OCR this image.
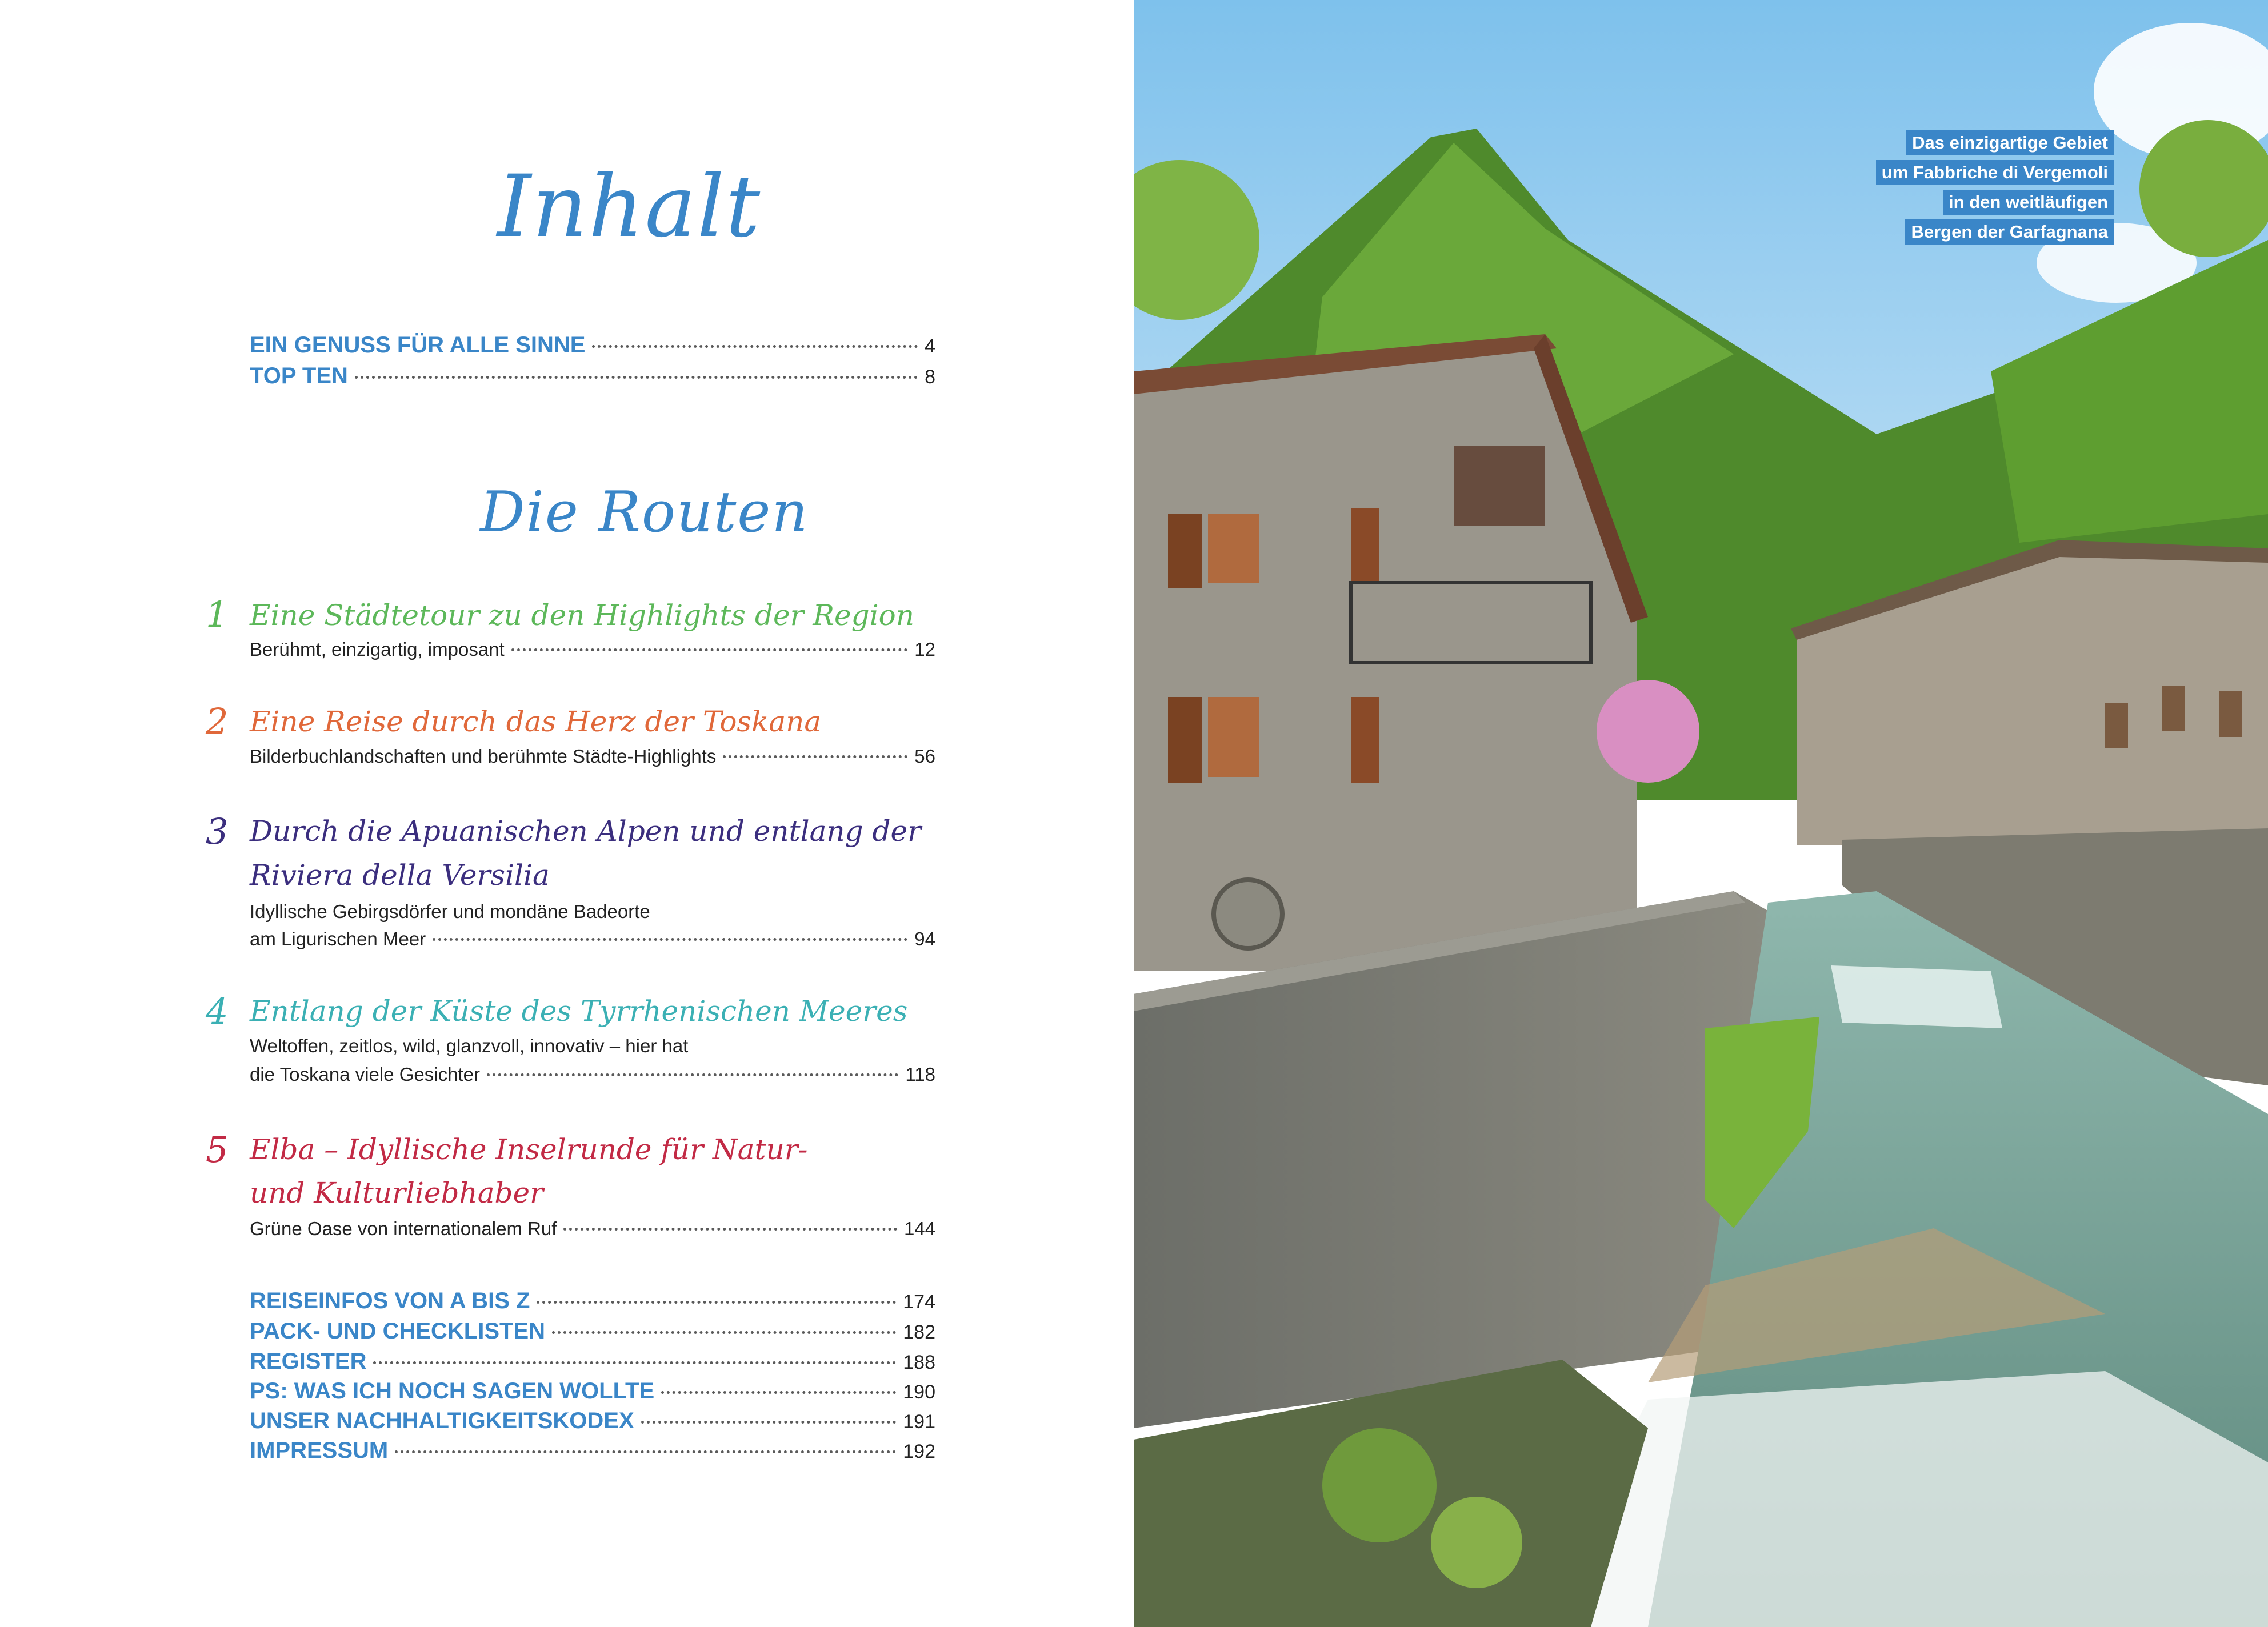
Inhalt
EIN GENUSS FÜR ALLE SINNE	4
TOP TEN	8
Die Routen
1 Eine Städtetour zu den Highlights der Region
Berühmt, einzigartig, imposant	12
2 Eine Reise durch das Herz der Toskana
Bilderbuchlandschaften und berühmte Städte-Highlights	56
3 Durch die Apuanischen Alpen und entlang der
Riviera della Versilia
Idyllische Gebirgsdörfer und mondäne Badeorte
am Ligurischen Meer	94
4 Entlang der Küste des Tyrrhenischen Meeres
Weltoffen, zeitlos, wild, glanzvoll, innovativ – hier hat
die Toskana viele Gesichter	118
5 Elba – Idyllische Inselrunde für Natur-
und Kulturliebhaber
Grüne Oase von internationalem Ruf	144
REISEINFOS VON A BIS Z	174
PACK- UND CHECKLISTEN	182
REGISTER	188
PS: WAS ICH NOCH SAGEN WOLLTE	190
UNSER NACHHALTIGKEITSKODEX	191
IMPRESSUM	192
Das einzigartige Gebiet
um Fabbriche di Vergemoli
in den weitläufigen
Bergen der Garfagnana
